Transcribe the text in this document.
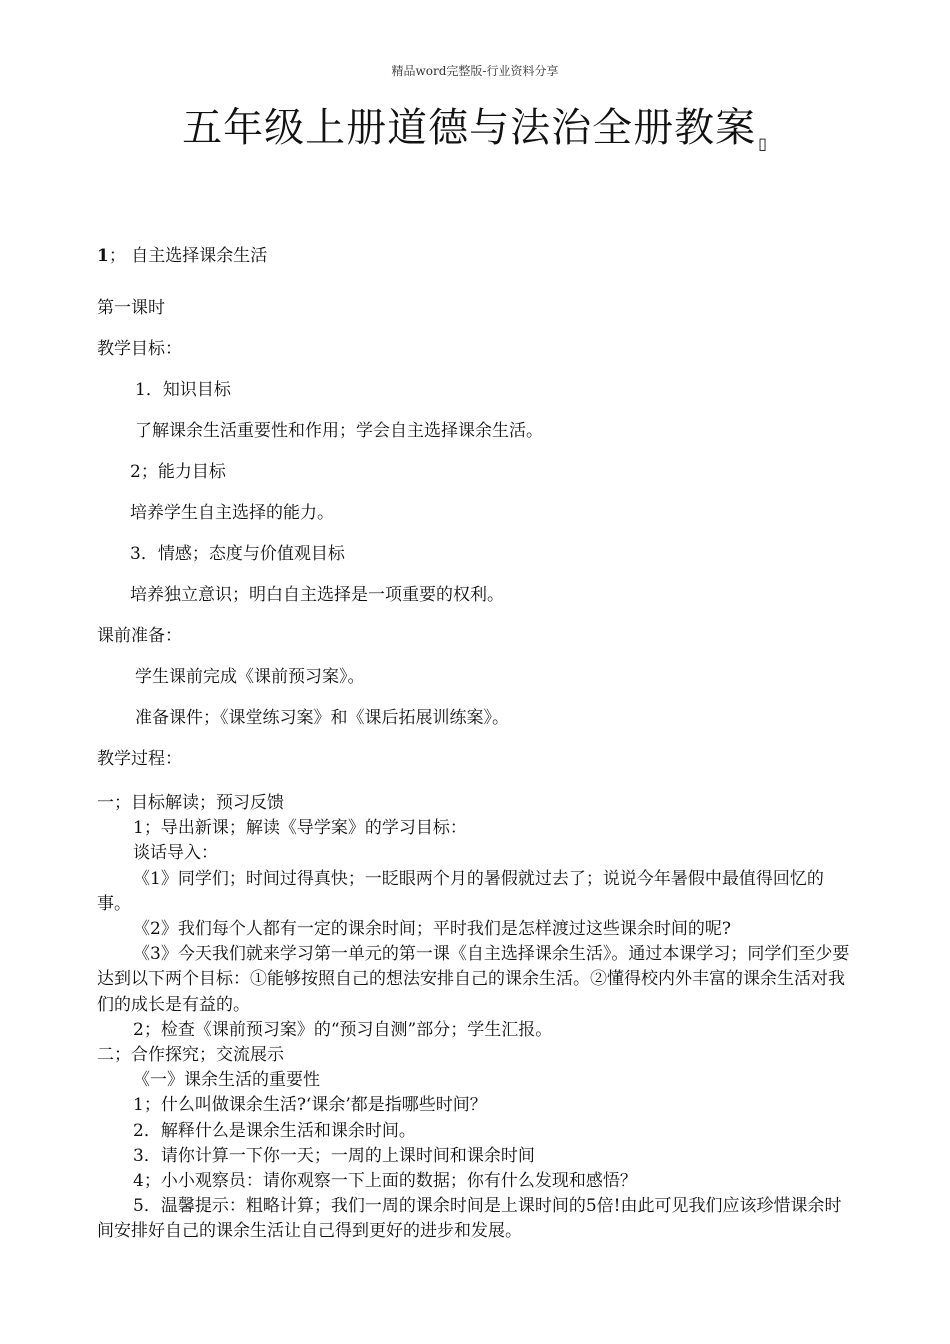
精品word完整版-行业资料分享
五年级上册道德与法治全册教案 $_▯$

1； 自主选择课余生活

第一课时

教学目标：

1．知识目标

了解课余生活重要性和作用；学会自主选择课余生活。

2；能力目标

培养学生自主选择的能力。

3．情感；态度与价值观目标

培养独立意识；明白自主选择是一项重要的权利。

课前准备：

学生课前完成《课前预习案》。

准备课件；《课堂练习案》和《课后拓展训练案》。

教学过程：

一；目标解读；预习反馈

1；导出新课；解读《导学案》的学习目标：

谈话导入：

《1》同学们；时间过得真快；一眨眼两个月的暑假就过去了；说说今年暑假中最值得回忆的事。

《2》我们每个人都有一定的课余时间；平时我们是怎样渡过这些课余时间的呢?

《3》今天我们就来学习第一单元的第一课《自主选择课余生活》。通过本课学习；同学们至少要达到以下两个目标：①能够按照自己的想法安排自己的课余生活。②懂得校内外丰富的课余生活对我们的成长是有益的。

2；检查《课前预习案》的“预习自测”部分；学生汇报。

二；合作探究；交流展示

《一》课余生活的重要性

1；什么叫做课余生活?‘课余’都是指哪些时间？

2．解释什么是课余生活和课余时间。

3．请你计算一下你一天；一周的上课时间和课余时间

4；小小观察员：请你观察一下上面的数据；你有什么发现和感悟？

5．温馨提示：粗略计算；我们一周的课余时间是上课时间的5倍!由此可见我们应该珍惜课余时间安排好自己的课余生活让自己得到更好的进步和发展。
